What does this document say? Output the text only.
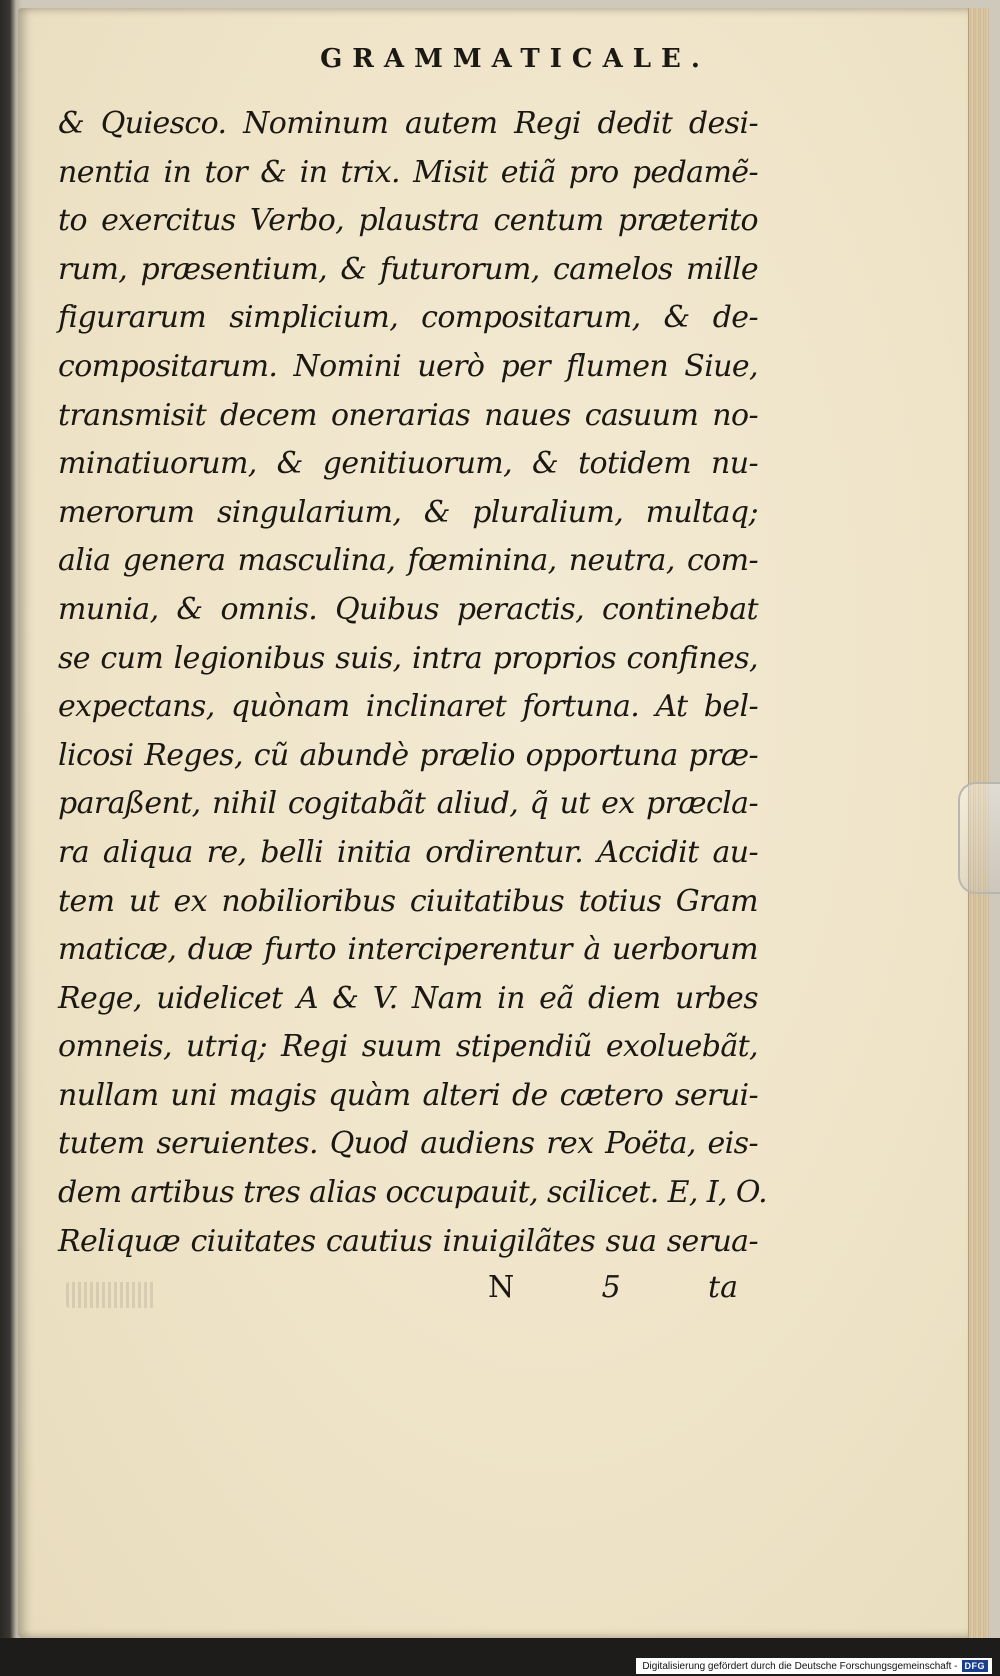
GRAMMATICALE.
& Quiesco. Nominum autem Regi dedit desi-
nentia in tor & in trix. Misit etiã pro pedamẽ-
to exercitus Verbo, plaustra centum præterito
rum, præsentium, & futurorum, camelos mille
figurarum simplicium, compositarum, & de-
compositarum. Nomini uerò per flumen Siue,
transmisit decem onerarias naues casuum no-
minatiuorum, & genitiuorum, & totidem nu-
merorum singularium, & pluralium, multaq;
alia genera masculina, fœminina, neutra, com-
munia, & omnis. Quibus peractis, continebat
se cum legionibus suis, intra proprios confines,
expectans, quònam inclinaret fortuna. At bel-
licosi Reges, cũ abundè prælio opportuna præ-
paraßent, nihil cogitabãt aliud, q̃ ut ex præcla-
ra aliqua re, belli initia ordirentur. Accidit au-
tem ut ex nobilioribus ciuitatibus totius Gram
maticæ, duæ furto interciperentur à uerborum
Rege, uidelicet A & V. Nam in eã diem urbes
omneis, utriq; Regi suum stipendiũ exoluebãt,
nullam uni magis quàm alteri de cætero serui-
tutem seruientes. Quod audiens rex Poëta, eis-
dem artibus tres alias occupauit, scilicet. E, I, O.
Reliquæ ciuitates cautius inuigilãtes sua serua-
N	5	ta
Digitalisierung gefördert durch die Deutsche Forschungsgemeinschaft - DFG
